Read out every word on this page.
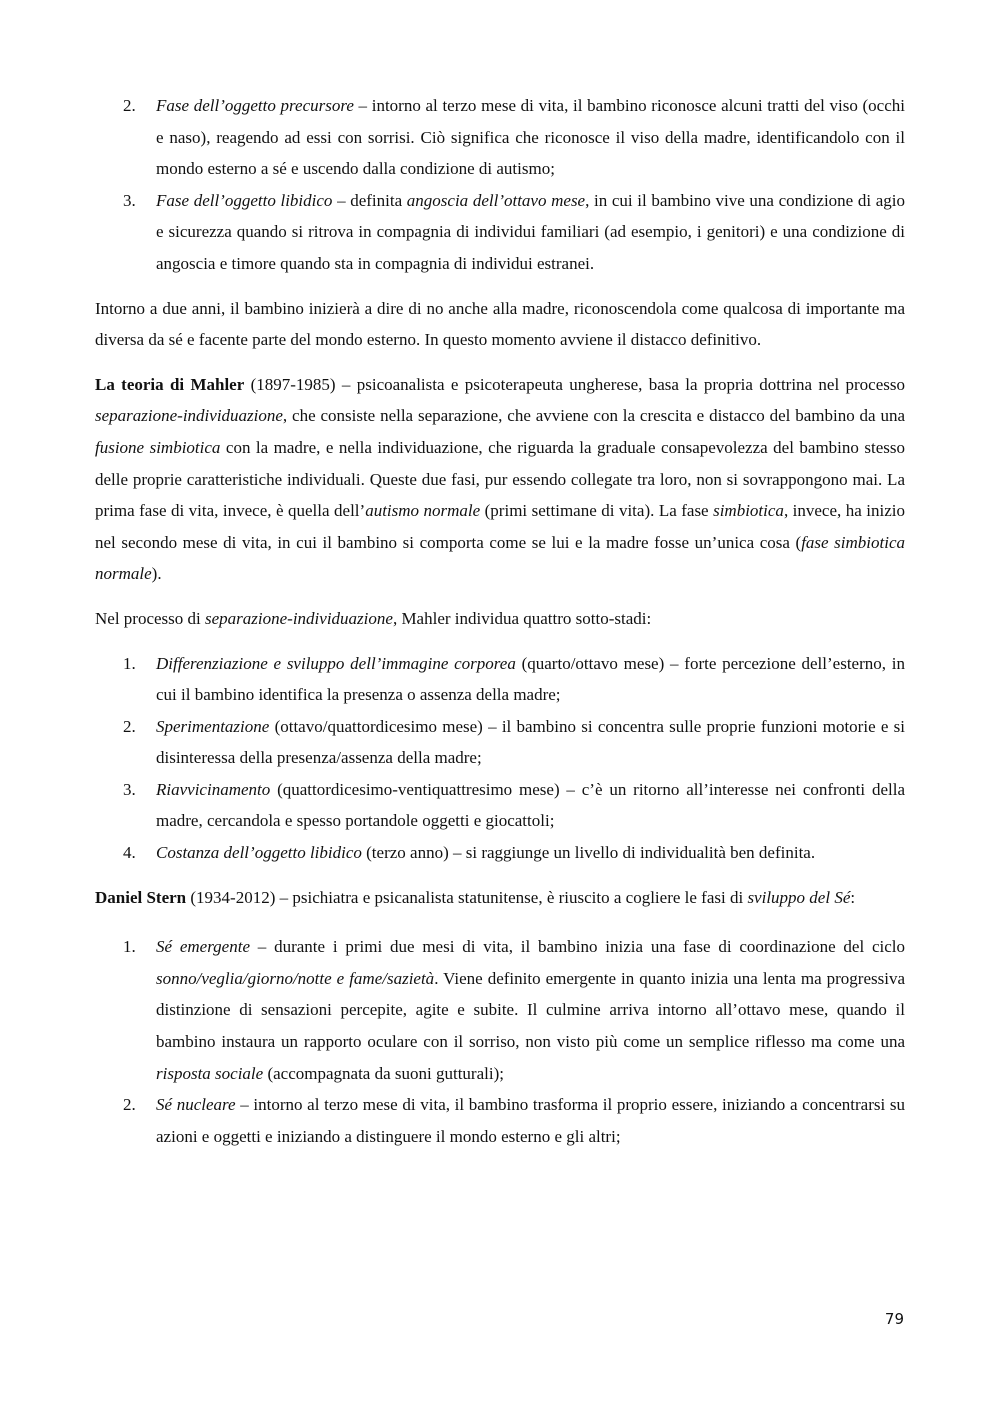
2. Fase dell’oggetto precursore – intorno al terzo mese di vita, il bambino riconosce alcuni tratti del viso (occhi e naso), reagendo ad essi con sorrisi. Ciò significa che riconosce il viso della madre, identificandolo con il mondo esterno a sé e uscendo dalla condizione di autismo;
3. Fase dell’oggetto libidico – definita angoscia dell’ottavo mese, in cui il bambino vive una condizione di agio e sicurezza quando si ritrova in compagnia di individui familiari (ad esempio, i genitori) e una condizione di angoscia e timore quando sta in compagnia di individui estranei.

Intorno a due anni, il bambino inizierà a dire di no anche alla madre, riconoscendola come qualcosa di importante ma diversa da sé e facente parte del mondo esterno. In questo momento avviene il distacco definitivo.

La teoria di Mahler (1897-1985) – psicoanalista e psicoterapeuta ungherese, basa la propria dottrina nel processo separazione-individuazione, che consiste nella separazione, che avviene con la crescita e distacco del bambino da una fusione simbiotica con la madre, e nella individuazione, che riguarda la graduale consapevolezza del bambino stesso delle proprie caratteristiche individuali. Queste due fasi, pur essendo collegate tra loro, non si sovrappongono mai. La prima fase di vita, invece, è quella dell’autismo normale (primi settimane di vita). La fase simbiotica, invece, ha inizio nel secondo mese di vita, in cui il bambino si comporta come se lui e la madre fosse un’unica cosa (fase simbiotica normale).

Nel processo di separazione-individuazione, Mahler individua quattro sotto-stadi:

1. Differenziazione e sviluppo dell’immagine corporea (quarto/ottavo mese) – forte percezione dell’esterno, in cui il bambino identifica la presenza o assenza della madre;
2. Sperimentazione (ottavo/quattordicesimo mese) – il bambino si concentra sulle proprie funzioni motorie e si disinteressa della presenza/assenza della madre;
3. Riavvicinamento (quattordicesimo-ventiquattresimo mese) – c’è un ritorno all’interesse nei confronti della madre, cercandola e spesso portandole oggetti e giocattoli;
4. Costanza dell’oggetto libidico (terzo anno) – si raggiunge un livello di individualità ben definita.

Daniel Stern (1934-2012) – psichiatra e psicanalista statunitense, è riuscito a cogliere le fasi di sviluppo del Sé:

1. Sé emergente – durante i primi due mesi di vita, il bambino inizia una fase di coordinazione del ciclo sonno/veglia/giorno/notte e fame/sazietà. Viene definito emergente in quanto inizia una lenta ma progressiva distinzione di sensazioni percepite, agite e subite. Il culmine arriva intorno all’ottavo mese, quando il bambino instaura un rapporto oculare con il sorriso, non visto più come un semplice riflesso ma come una risposta sociale (accompagnata da suoni gutturali);
2. Sé nucleare – intorno al terzo mese di vita, il bambino trasforma il proprio essere, iniziando a concentrarsi su azioni e oggetti e iniziando a distinguere il mondo esterno e gli altri;
79
